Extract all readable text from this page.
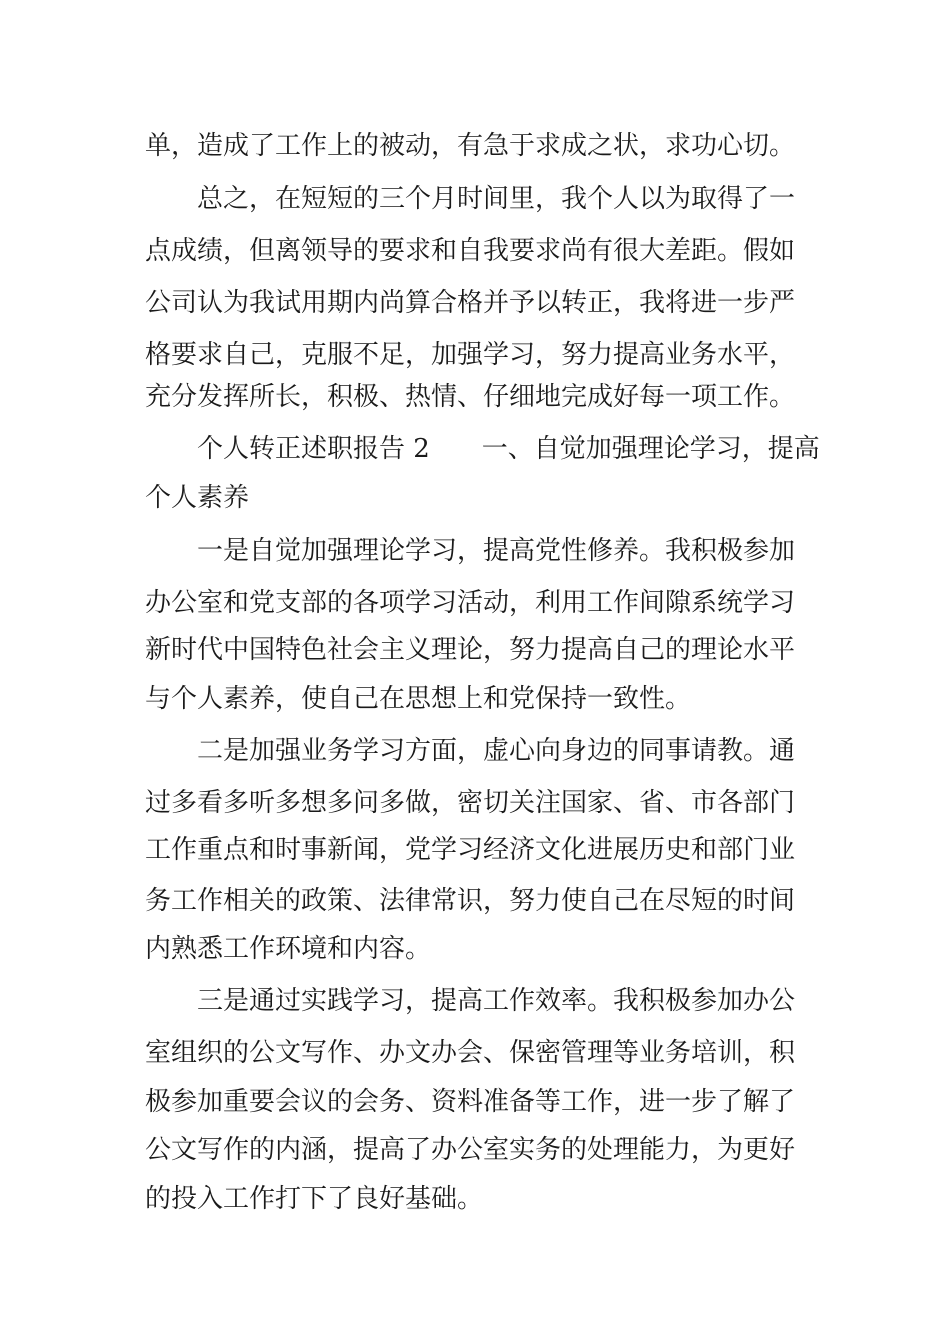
单，造成了工作上的被动，有急于求成之状，求功心切。
总之，在短短的三个月时间里，我个人以为取得了一
点成绩，但离领导的要求和自我要求尚有很大差距。假如
公司认为我试用期内尚算合格并予以转正，我将进一步严
格要求自己，克服不足，加强学习，努力提高业务水平，
充分发挥所长，积极、热情、仔细地完成好每一项工作。
个人转正述职报告 2　　一、自觉加强理论学习，提高
个人素养
一是自觉加强理论学习，提高党性修养。我积极参加
办公室和党支部的各项学习活动，利用工作间隙系统学习
新时代中国特色社会主义理论，努力提高自己的理论水平
与个人素养，使自己在思想上和党保持一致性。
二是加强业务学习方面，虚心向身边的同事请教。通
过多看多听多想多问多做，密切关注国家、省、市各部门
工作重点和时事新闻，党学习经济文化进展历史和部门业
务工作相关的政策、法律常识，努力使自己在尽短的时间
内熟悉工作环境和内容。
三是通过实践学习，提高工作效率。我积极参加办公
室组织的公文写作、办文办会、保密管理等业务培训，积
极参加重要会议的会务、资料准备等工作，进一步了解了
公文写作的内涵，提高了办公室实务的处理能力，为更好
的投入工作打下了良好基础。
